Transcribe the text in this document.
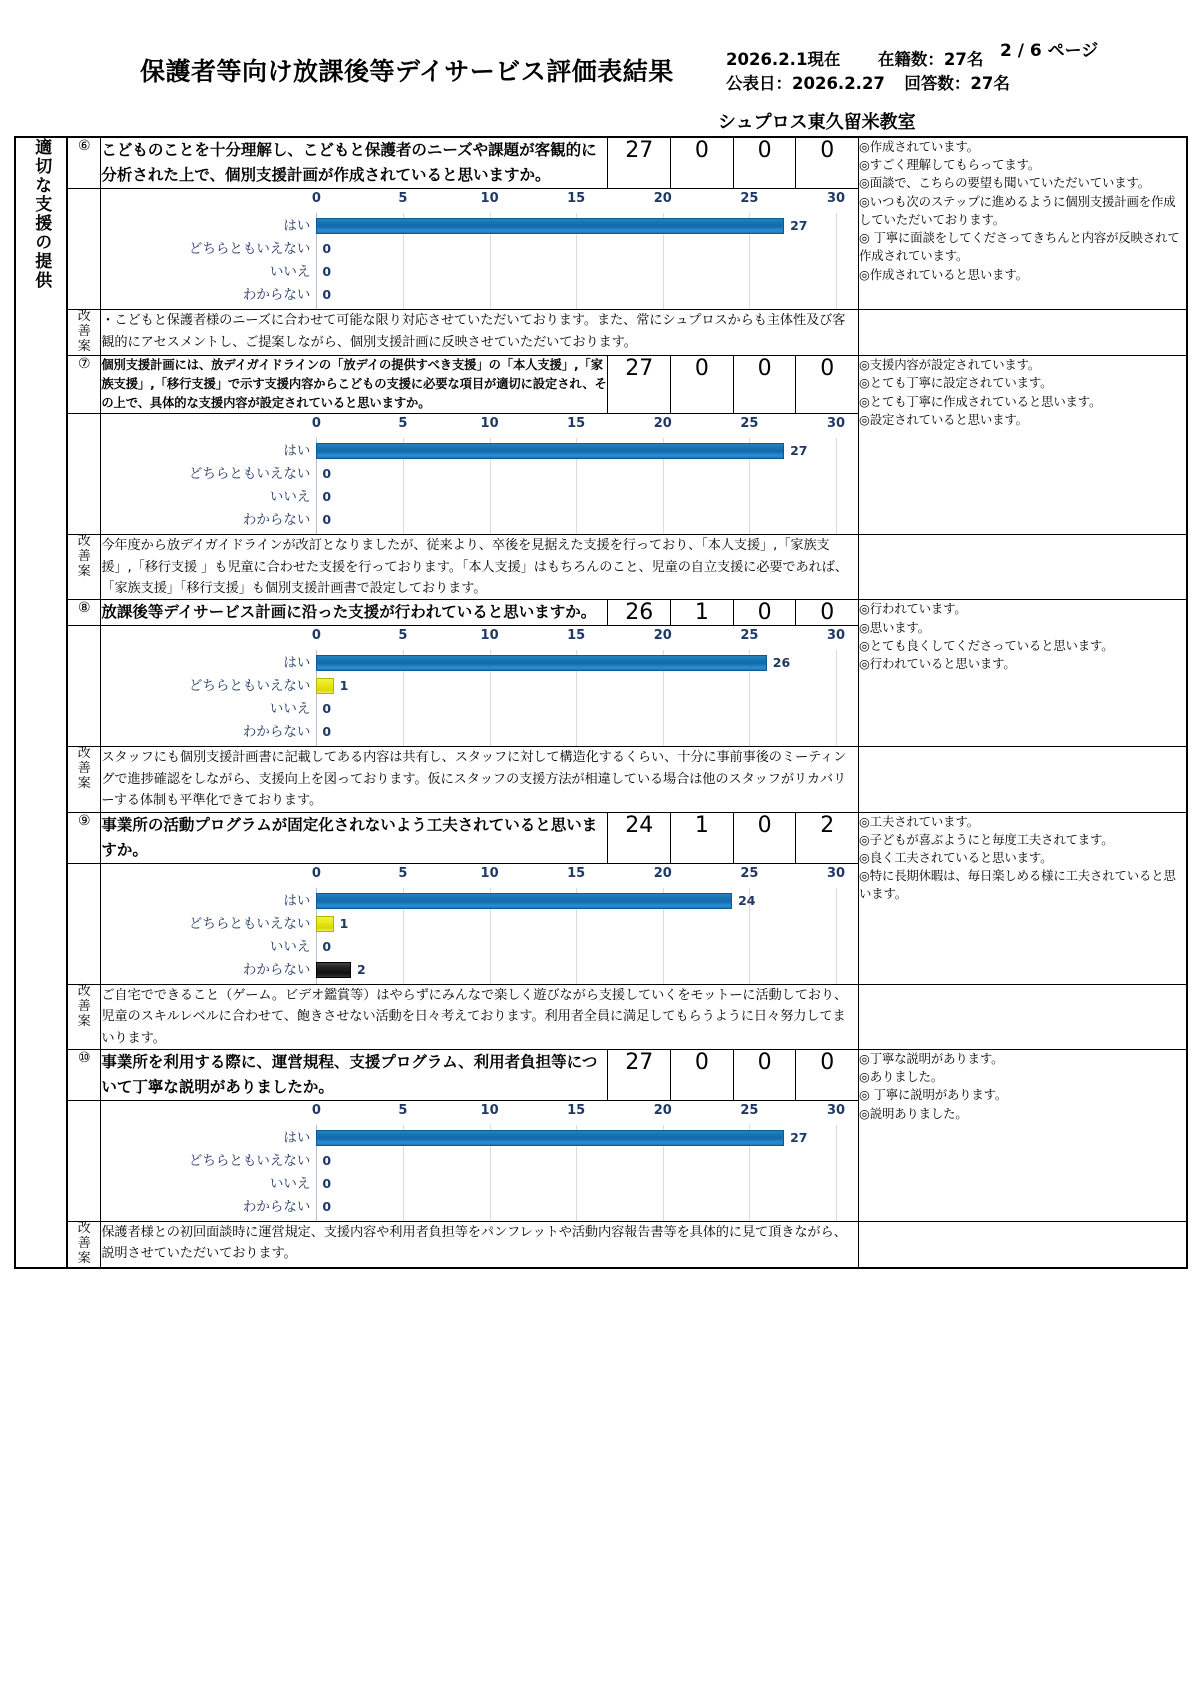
保護者等向け放課後等デイサービス評価表結果	2026.2.1現在 在籍数：27名
公表日：2026.2.27 回答数：27名
2 / 6 ページ
シュプロス東久留米教室
適切な支援の提供	⑥	こどものことを十分理解し、こどもと保護者のニーズや課題が客観的に分析された上で、個別支援計画が作成されていると思いますか。	27	0	0	0	◎作成されています。
◎すごく理解してもらってます。
◎面談で、こちらの要望も聞いていただいています。
◎いつも次のステップに進めるように個別支援計画を作成していただいております。
◎ 丁寧に面談をしてくださってきちんと内容が反映されて作成されています。
◎作成されていると思います。

はい
どちらともいえない
いいえ
わからない
0	5	10	15	20	25	30
27
0
0
0

	改
善
案	・こどもと保護者様のニーズに合わせて可能な限り対応させていただいております。また、常にシュプロスからも主体性及び客観的にアセスメントし、ご提案しながら、個別支援計画に反映させていただいております。					
	⑦	個別支援計画には、放デイガイドラインの「放デイの提供すべき支援」の「本人支援」,「家族支援」,「移行支援」で示す支援内容からこどもの支援に必要な項目が適切に設定され、その上で、具体的な支援内容が設定されていると思いますか。	27	0	0	0	◎支援内容が設定されています。
◎とても丁寧に設定されています。
◎とても丁寧に作成されていると思います。
◎設定されていると思います。

はい
どちらともいえない
いいえ
わからない
0	5	10	15	20	25	30
27
0
0
0

	改
善
案	今年度から放デイガイドラインが改訂となりましたが、従来より、卒後を見据えた支援を行っており、「本人支援」,「家族支援」,「移行支援 」も児童に合わせた支援を行っております。「本人支援」はもちろんのこと、児童の自立支援に必要であれば、「家族支援」「移行支援」も個別支援計画書で設定しております。					
	⑧	放課後等デイサービス計画に沿った支援が行われていると思いますか。	26	1	0	0	◎行われています。
◎思います。
◎とても良くしてくださっていると思います。
◎行われていると思います。

はい
どちらともいえない
いいえ
わからない
0	5	10	15	20	25	30
26
1
0
0

	改
善
案	スタッフにも個別支援計画書に記載してある内容は共有し、スタッフに対して構造化するくらい、十分に事前事後のミーティングで進捗確認をしながら、支援向上を図っております。仮にスタッフの支援方法が相違している場合は他のスタッフがリカバリーする体制も平準化できております。					
	⑨	事業所の活動プログラムが固定化されないよう工夫されていると思いますか。	24	1	0	2	◎工夫されています。
◎子どもが喜ぶようにと毎度工夫されてます。
◎良く工夫されていると思います。
◎特に長期休暇は、毎日楽しめる様に工夫されていると思います。

はい
どちらともいえない
いいえ
わからない
0	5	10	15	20	25	30
24
1
0
2

	改
善
案	ご自宅でできること（ゲーム。ビデオ鑑賞等）はやらずにみんなで楽しく遊びながら支援していくをモットーに活動しており、児童のスキルレベルに合わせて、飽きさせない活動を日々考えております。利用者全員に満足してもらうように日々努力してまいります。					
	⑩	事業所を利用する際に、運営規程、支援プログラム、利用者負担等について丁寧な説明がありましたか。	27	0	0	0	◎丁寧な説明があります。
◎ありました。
◎ 丁寧に説明があります。
◎説明ありました。

はい
どちらともいえない
いいえ
わからない
0	5	10	15	20	25	30
27
0
0
0

	改
善
案	保護者様との初回面談時に運営規定、支援内容や利用者負担等をパンフレットや活動内容報告書等を具体的に見て頂きながら、説明させていただいております。					
